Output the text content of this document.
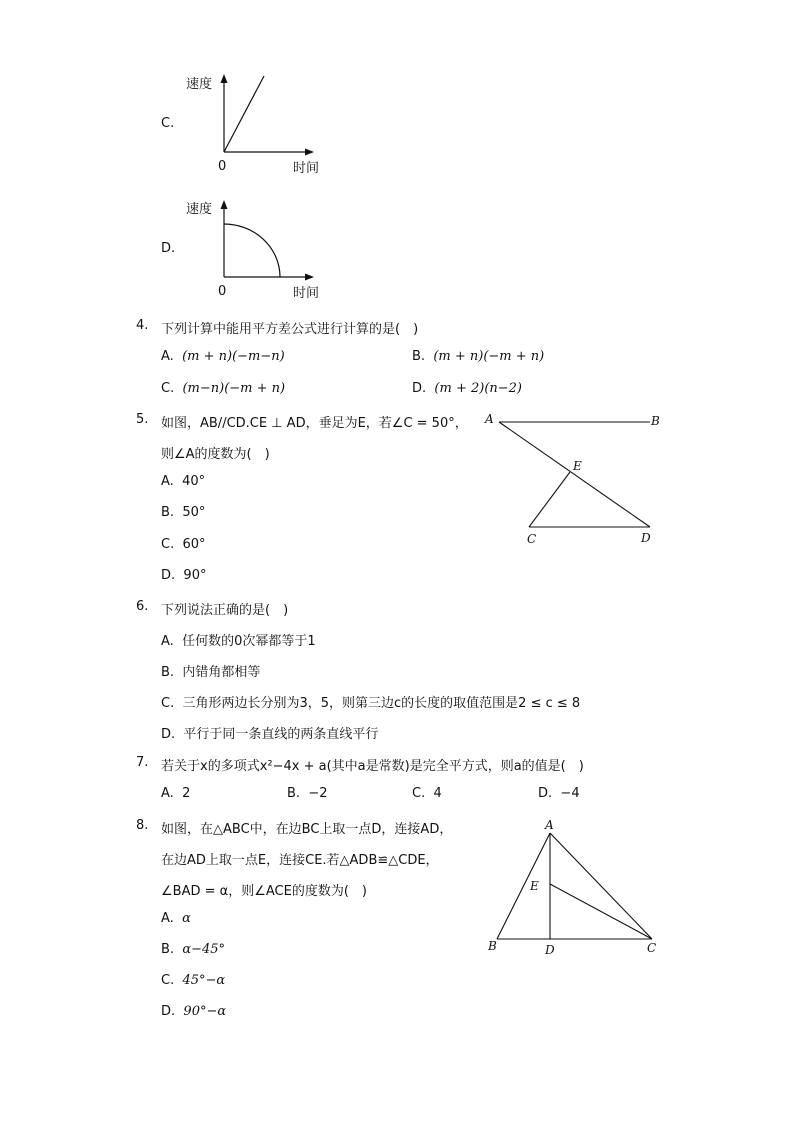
C.
速度
时间
0
D.
速度
时间
0
4. 下列计算中能用平方差公式进行计算的是(　)
A. (m + n)(−m−n)	B. (m + n)(−m + n)
C. (m−n)(−m + n)	D. (m + 2)(n−2)
5. 如图，AB//CD.CE ⊥ AD，垂足为E，若∠C = 50°，
则∠A的度数为(　)
A. 40°
B. 50°
C. 60°
D. 90°
A	B
E
C	D
6. 下列说法正确的是(　)
A. 任何数的0次幂都等于1
B. 内错角都相等
C. 三角形两边长分别为3，5，则第三边c的长度的取值范围是2 ≤ c ≤ 8
D. 平行于同一条直线的两条直线平行
7. 若关于x的多项式x²−4x + a(其中a是常数)是完全平方式，则a的值是(　)
A. 2	B. −2	C. 4	D. −4
8. 如图，在△ABC中，在边BC上取一点D，连接AD，
在边AD上取一点E，连接CE.若△ADB≌△CDE，
∠BAD = α，则∠ACE的度数为(　)
A. α
B. α−45°
C. 45°−α
D. 90°−α
A
E
B	D	C
